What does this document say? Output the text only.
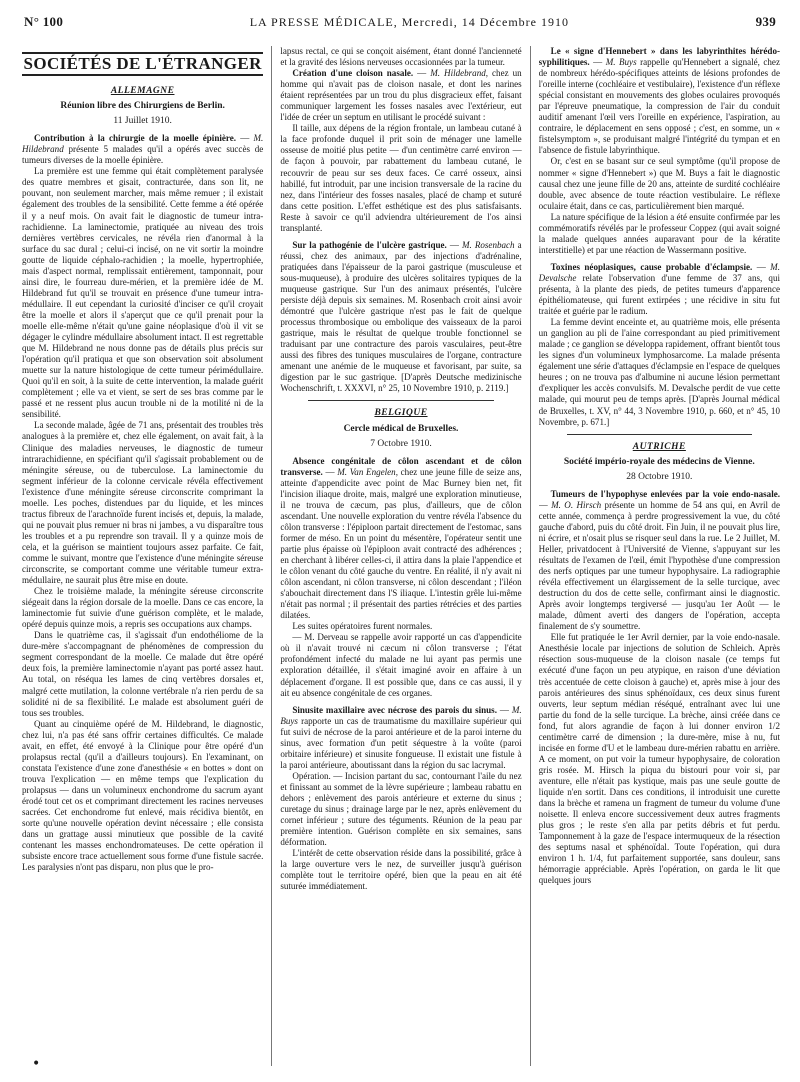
N° 100	LA PRESSE MÉDICALE, Mercredi, 14 Décembre 1910	939
SOCIÉTÉS DE L'ÉTRANGER
ALLEMAGNE
Réunion libre des Chirurgiens de Berlin.
11 Juillet 1910.

Contribution à la chirurgie de la moelle épinière. — M. Hildebrand présente 5 malades qu'il a opérés avec succès de tumeurs diverses de la moelle épinière.

La première est une femme qui était complètement paralysée des quatre membres et gisait, contracturée, dans son lit, ne pouvant, non seulement marcher, mais même remuer ; il existait également des troubles de la sensibilité. Cette femme a été opérée il y a neuf mois. On avait fait le diagnostic de tumeur intra-rachidienne. La laminectomie, pratiquée au niveau des trois dernières vertèbres cervicales, ne révéla rien d'anormal à la surface du sac dural ; celui-ci incisé, on ne vit sortir la moindre goutte de liquide céphalo-rachidien ; la moelle, hypertrophiée, mais d'aspect normal, remplissait entièrement, tamponnait, pour ainsi dire, le fourreau dure-mérien, et la première idée de M. Hildebrand fut qu'il se trouvait en présence d'une tumeur intra-médullaire. Il eut cependant la curiosité d'inciser ce qu'il croyait être la moelle et alors il s'aperçut que ce qu'il prenait pour la moelle elle-même n'était qu'une gaine néoplasique d'où il vit se dégager le cylindre médullaire absolument intact. Il est regrettable que M. Hildebrand ne nous donne pas de détails plus précis sur l'opération qu'il pratiqua et que son observation soit absolument muette sur la nature histologique de cette tumeur périmédullaire. Quoi qu'il en soit, à la suite de cette intervention, la malade guérit complètement ; elle va et vient, se sert de ses bras comme par le passé et ne ressent plus aucun trouble ni de la motilité ni de la sensibilité.

La seconde malade, âgée de 71 ans, présentait des troubles très analogues à la première et, chez elle également, on avait fait, à la Clinique des maladies nerveuses, le diagnostic de tumeur intrarachidienne, en spécifiant qu'il s'agissait probablement ou de méningite séreuse, ou de tuberculose. La laminectomie du segment inférieur de la colonne cervicale révéla effectivement l'existence d'une méningite séreuse circonscrite comprimant la moelle. Les poches, distendues par du liquide, et les minces tractus fibreux de l'arachnoïde furent incisés et, depuis, la malade, qui ne pouvait plus remuer ni bras ni jambes, a vu disparaître tous les troubles et a pu reprendre son travail. Il y a quinze mois de cela, et la guérison se maintient toujours assez parfaite. Ce fait, comme le suivant, montre que l'existence d'une méningite séreuse circonscrite, se comportant comme une véritable tumeur extra-médullaire, ne saurait plus être mise en doute.

Chez le troisième malade, la méningite séreuse circonscrite siégeait dans la région dorsale de la moelle. Dans ce cas encore, la laminectomie fut suivie d'une guérison complète, et le malade, opéré depuis quinze mois, a repris ses occupations aux champs.

Dans le quatrième cas, il s'agissait d'un endothéliome de la dure-mère s'accompagnant de phénomènes de compression du segment correspondant de la moelle. Ce malade dut être opéré deux fois, la première laminectomie n'ayant pas porté assez haut. Au total, on réséqua les lames de cinq vertèbres dorsales et, malgré cette mutilation, la colonne vertébrale n'a rien perdu de sa solidité ni de sa flexibilité. Le malade est absolument guéri de tous ses troubles.

Quant au cinquième opéré de M. Hildebrand, le diagnostic, chez lui, n'a pas été sans offrir certaines difficultés. Ce malade avait, en effet, été envoyé à la Clinique pour être opéré d'un prolapsus rectal (qu'il a d'ailleurs toujours). En l'examinant, on constata l'existence d'une zone d'anesthésie « en bottes » dont on trouva l'explication — en même temps que l'explication du prolapsus — dans un volumineux enchondrome du sacrum ayant érodé tout cet os et comprimant directement les racines nerveuses sacrées. Cet enchondrome fut enlevé, mais récidiva bientôt, en sorte qu'une nouvelle opération devint nécessaire ; elle consista dans un grattage aussi minutieux que possible de la cavité contenant les masses enchondromateuses. De cette opération il subsiste encore trace actuellement sous forme d'une fistule sacrée. Les paralysies n'ont pas disparu, non plus que le pro-

lapsus rectal, ce qui se conçoit aisément, étant donné l'ancienneté et la gravité des lésions nerveuses occasionnées par la tumeur.

Création d'une cloison nasale. — M. Hildebrand, chez un homme qui n'avait pas de cloison nasale, et dont les narines étaient représentées par un trou du plus disgracieux effet, faisant communiquer largement les fosses nasales avec l'extérieur, eut l'idée de créer un septum en utilisant le procédé suivant :

Il taille, aux dépens de la région frontale, un lambeau cutané à la face profonde duquel il prit soin de ménager une lamelle osseuse de moitié plus petite — d'un centimètre carré environ — de façon à pouvoir, par rabattement du lambeau cutané, le recouvrir de peau sur ses deux faces. Ce carré osseux, ainsi habillé, fut introduit, par une incision transversale de la racine du nez, dans l'intérieur des fosses nasales, placé de champ et suturé dans cette position. L'effet esthétique est des plus satisfaisants. Reste à savoir ce qu'il adviendra ultérieurement de l'os ainsi transplanté.

Sur la pathogénie de l'ulcère gastrique. — M. Rosenbach a réussi, chez des animaux, par des injections d'adrénaline, pratiquées dans l'épaisseur de la paroi gastrique (musculeuse et sous-muqueuse), à produire des ulcères solitaires typiques de la muqueuse gastrique. Sur l'un des animaux présentés, l'ulcère persiste déjà depuis six semaines. M. Rosenbach croit ainsi avoir démontré que l'ulcère gastrique n'est pas le fait de quelque processus thrombosique ou embolique des vaisseaux de la paroi gastrique, mais le résultat de quelque trouble fonctionnel se traduisant par une contracture des parois vasculaires, peut-être aussi des fibres des tuniques musculaires de l'organe, contracture amenant une anémie de le muqueuse et favorisant, par suite, sa digestion par le suc gastrique. [D'après Deutsche medizinische Wochenschrift, t. XXXVI, n° 25, 10 Novembre 1910, p. 2119.]

BELGIQUE
Cercle médical de Bruxelles.
7 Octobre 1910.

Absence congénitale de côlon ascendant et de côlon transverse. — M. Van Engelen, chez une jeune fille de seize ans, atteinte d'appendicite avec point de Mac Burney bien net, fit l'incision iliaque droite, mais, malgré une exploration minutieuse, il ne trouva de cæcum, pas plus, d'ailleurs, que de côlon ascendant. Une nouvelle exploration du ventre révéla l'absence du côlon transverse : l'épiploon partait directement de l'estomac, sans former de méso. En un point du mésentère, l'opérateur sentit une partie plus épaisse où l'épiploon avait contracté des adhérences ; en cherchant à libérer celles-ci, il attira dans la plaie l'appendice et le côlon venant du côté gauche du ventre. En réalité, il n'y avait ni côlon ascendant, ni côlon transverse, ni côlon descendant ; l'iléon s'abouchait directement dans l'S iliaque. L'intestin grêle lui-même n'était pas normal ; il présentait des parties rétrécies et des parties dilatées.

Les suites opératoires furent normales.

— M. Derveau se rappelle avoir rapporté un cas d'appendicite où il n'avait trouvé ni cæcum ni côlon transverse ; l'état profondément infecté du malade ne lui ayant pas permis une exploration détaillée, il s'était imaginé avoir en affaire à un déplacement d'organe. Il est possible que, dans ce cas aussi, il y ait eu absence congénitale de ces organes.

Sinusite maxillaire avec nécrose des parois du sinus. — M. Buys rapporte un cas de traumatisme du maxillaire supérieur qui fut suivi de nécrose de la paroi antérieure et de la paroi interne du sinus, avec formation d'un petit séquestre à la voûte (paroi orbitaire inférieure) et sinusite fongueuse. Il existait une fistule à la paroi antérieure, aboutissant dans la région du sac lacrymal.

Opération. — Incision partant du sac, contournant l'aile du nez et finissant au sommet de la lèvre supérieure ; lambeau rabattu en dehors ; enlèvement des parois antérieure et externe du sinus ; curetage du sinus ; drainage large par le nez, après enlèvement du cornet inférieur ; suture des téguments. Réunion de la peau par première intention. Guérison complète en six semaines, sans déformation.

L'intérêt de cette observation réside dans la possibilité, grâce à la large ouverture vers le nez, de surveiller jusqu'à guérison complète tout le territoire opéré, bien que la peau en ait été suturée immédiatement.

Le « signe d'Hennebert » dans les labyrinthites hérédo-syphilitiques. — M. Buys rappelle qu'Hennebert a signalé, chez de nombreux hérédo-spécifiques atteints de lésions profondes de l'oreille interne (cochléaire et vestibulaire), l'existence d'un réflexe spécial consistant en mouvements des globes oculaires provoqués par l'épreuve pneumatique, la compression de l'air du conduit auditif amenant l'œil vers l'oreille en expérience, l'aspiration, au contraire, le déplacement en sens opposé ; c'est, en somme, un « fistelsymptom », se produisant malgré l'intégrité du tympan et en l'absence de fistule labyrinthique.

Or, c'est en se basant sur ce seul symptôme (qu'il propose de nommer « signe d'Hennebert ») que M. Buys a fait le diagnostic causal chez une jeune fille de 20 ans, atteinte de surdité cochléaire double, avec absence de toute réaction vestibulaire. Le réflexe oculaire était, dans ce cas, particulièrement bien marqué.

La nature spécifique de la lésion a été ensuite confirmée par les commémoratifs révélés par le professeur Coppez (qui avait soigné la malade quelques années auparavant pour de la kératite interstitielle) et par une réaction de Wassermann positive.

Toxines néoplasiques, cause probable d'éclampsie. — M. Devalsche relate l'observation d'une femme de 37 ans, qui présenta, à la plante des pieds, de petites tumeurs d'apparence épithéliomateuse, qui furent extirpées ; une récidive in situ fut traitée et guérie par le radium.

La femme devint enceinte et, au quatrième mois, elle présenta un ganglion au pli de l'aine correspondant au pied primitivement malade ; ce ganglion se développa rapidement, offrant bientôt tous les signes d'un volumineux lymphosarcome. La malade présenta également une série d'attaques d'éclampsie en l'espace de quelques heures ; on ne trouva pas d'albumine ni aucune lésion permettant d'expliquer les accès convulsifs. M. Devalsche perdit de vue cette malade, qui mourut peu de temps après. [D'après Journal médical de Bruxelles, t. XV, n° 44, 3 Novembre 1910, p. 660, et n° 45, 10 Novembre, p. 671.]

AUTRICHE
Société império-royale des médecins de Vienne.
28 Octobre 1910.

Tumeurs de l'hypophyse enlevées par la voie endo-nasale. — M. O. Hirsch présente un homme de 54 ans qui, en Avril de cette année, commença à perdre progressivement la vue, du côté gauche d'abord, puis du côté droit. Fin Juin, il ne pouvait plus lire, ni écrire, et n'osait plus se risquer seul dans la rue. Le 2 Juillet, M. Heller, privatdocent à l'Université de Vienne, s'appuyant sur les résultats de l'examen de l'œil, émit l'hypothèse d'une compression des nerfs optiques par une tumeur hypophysaire. La radiographie révéla effectivement un élargissement de la selle turcique, avec destruction du dos de cette selle, confirmant ainsi le diagnostic. Après avoir longtemps tergiversé — jusqu'au 1er Août — le malade, dûment averti des dangers de l'opération, accepta finalement de s'y soumettre.

Elle fut pratiquée le 1er Avril dernier, par la voie endo-nasale. Anesthésie locale par injections de solution de Schleich. Après résection sous-muqueuse de la cloison nasale (ce temps fut exécuté d'une façon un peu atypique, en raison d'une déviation très accentuée de cette cloison à gauche) et, après mise à jour des parois antérieures des sinus sphénoïdaux, ces deux sinus furent ouverts, leur septum médian réséqué, entraînant avec lui une partie du fond de la selle turcique. La brèche, ainsi créée dans ce fond, fut alors agrandie de façon à lui donner environ 1/2 centimètre carré de dimension ; la dure-mère, mise à nu, fut incisée en forme d'U et le lambeau dure-mérien rabattu en arrière. A ce moment, on put voir la tumeur hypophysaire, de coloration gris rosée. M. Hirsch la piqua du bistouri pour voir si, par aventure, elle n'était pas kystique, mais pas une seule goutte de liquide n'en sortit. Dans ces conditions, il introduisit une curette dans la brèche et ramena un fragment de tumeur du volume d'une noisette. Il enleva encore successivement deux autres fragments plus gros ; le reste s'en alla par petits débris et fut perdu. Tamponnement à la gaze de l'espace intermuqueux de la résection des septums nasal et sphénoïdal. Toute l'opération, qui dura environ 1 h. 1/4, fut parfaitement supportée, sans douleur, sans hémorragie appréciable. Après l'opération, on garda le lit que quelques jours

•
